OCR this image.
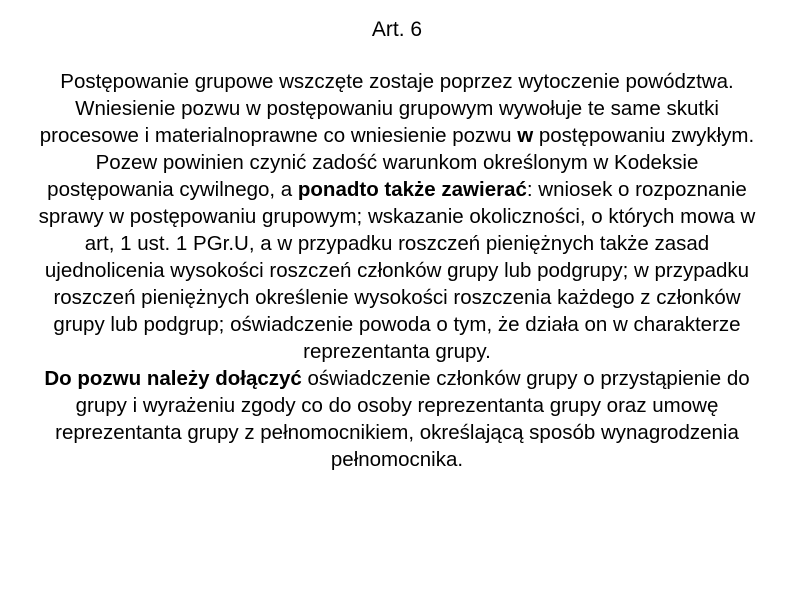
Art. 6
Postępowanie grupowe wszczęte zostaje poprzez wytoczenie powództwa.
Wniesienie pozwu w postępowaniu grupowym wywołuje te same skutki procesowe i materialnoprawne co wniesienie pozwu w postępowaniu zwykłym.
Pozew powinien czynić zadość warunkom określonym w Kodeksie postępowania cywilnego, a ponadto także zawierać: wniosek o rozpoznanie sprawy w postępowaniu grupowym; wskazanie okoliczności, o których mowa w art, 1 ust. 1 PGr.U, a w przypadku roszczeń pieniężnych także zasad ujednolicenia wysokości roszczeń członków grupy lub podgrupy; w przypadku roszczeń pieniężnych określenie wysokości roszczenia każdego z członków grupy lub podgrup; oświadczenie powoda o tym, że działa on w charakterze reprezentanta grupy.
Do pozwu należy dołączyć oświadczenie członków grupy o przystąpienie do grupy i wyrażeniu zgody co do osoby reprezentanta grupy oraz umowę reprezentanta grupy z pełnomocnikiem, określającą sposób wynagrodzenia pełnomocnika.
